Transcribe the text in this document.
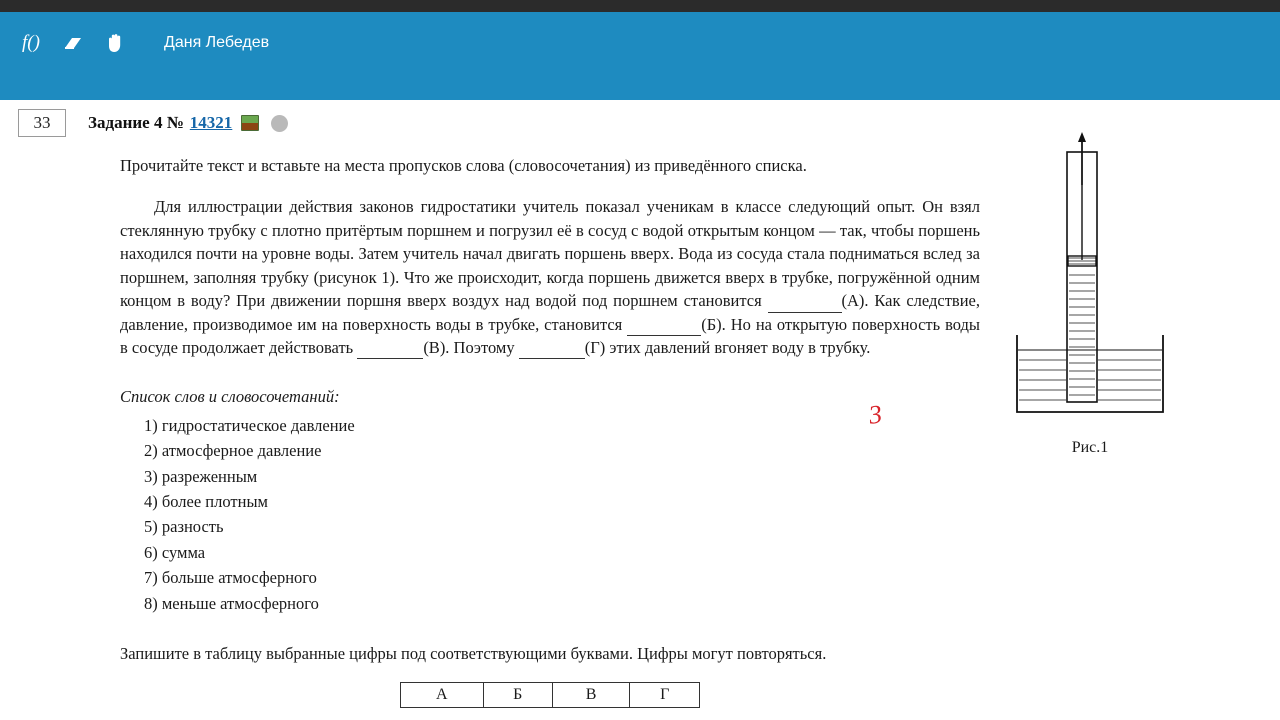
f()	Даня Лебедев
33	Задание 4 № 14321

Прочитайте текст и вставьте на места пропусков слова (словосочетания) из приведённого списка.

Для иллюстрации действия законов гидростатики учитель показал ученикам в классе следующий опыт. Он взял стеклянную трубку с плотно притёртым поршнем и погрузил её в сосуд с водой открытым концом — так, чтобы поршень находился почти на уровне воды. Затем учитель начал двигать поршень вверх. Вода из сосуда стала подниматься вслед за поршнем, заполняя трубку (рисунок 1). Что же происходит, когда поршень движется вверх в трубке, погружённой одним концом в воду? При движении поршня вверх воздух над водой под поршнем становится	(А). Как следствие, давление, производимое им на поверхность воды в трубке, становится	(Б). Но на открытую поверхность воды в сосуде продолжает действовать	(В). Поэтому	(Г) этих давлений вгоняет воду в трубку.

Список слов и словосочетаний:

1) гидростатическое давление
2) атмосферное давление
3) разреженным
4) более плотным
5) разность
6) сумма
7) больше атмосферного
8) меньше атмосферного

Запишите в таблицу выбранные цифры под соответствующими буквами. Цифры могут повторяться.

А	Б	В	Г
3
Рис.1
